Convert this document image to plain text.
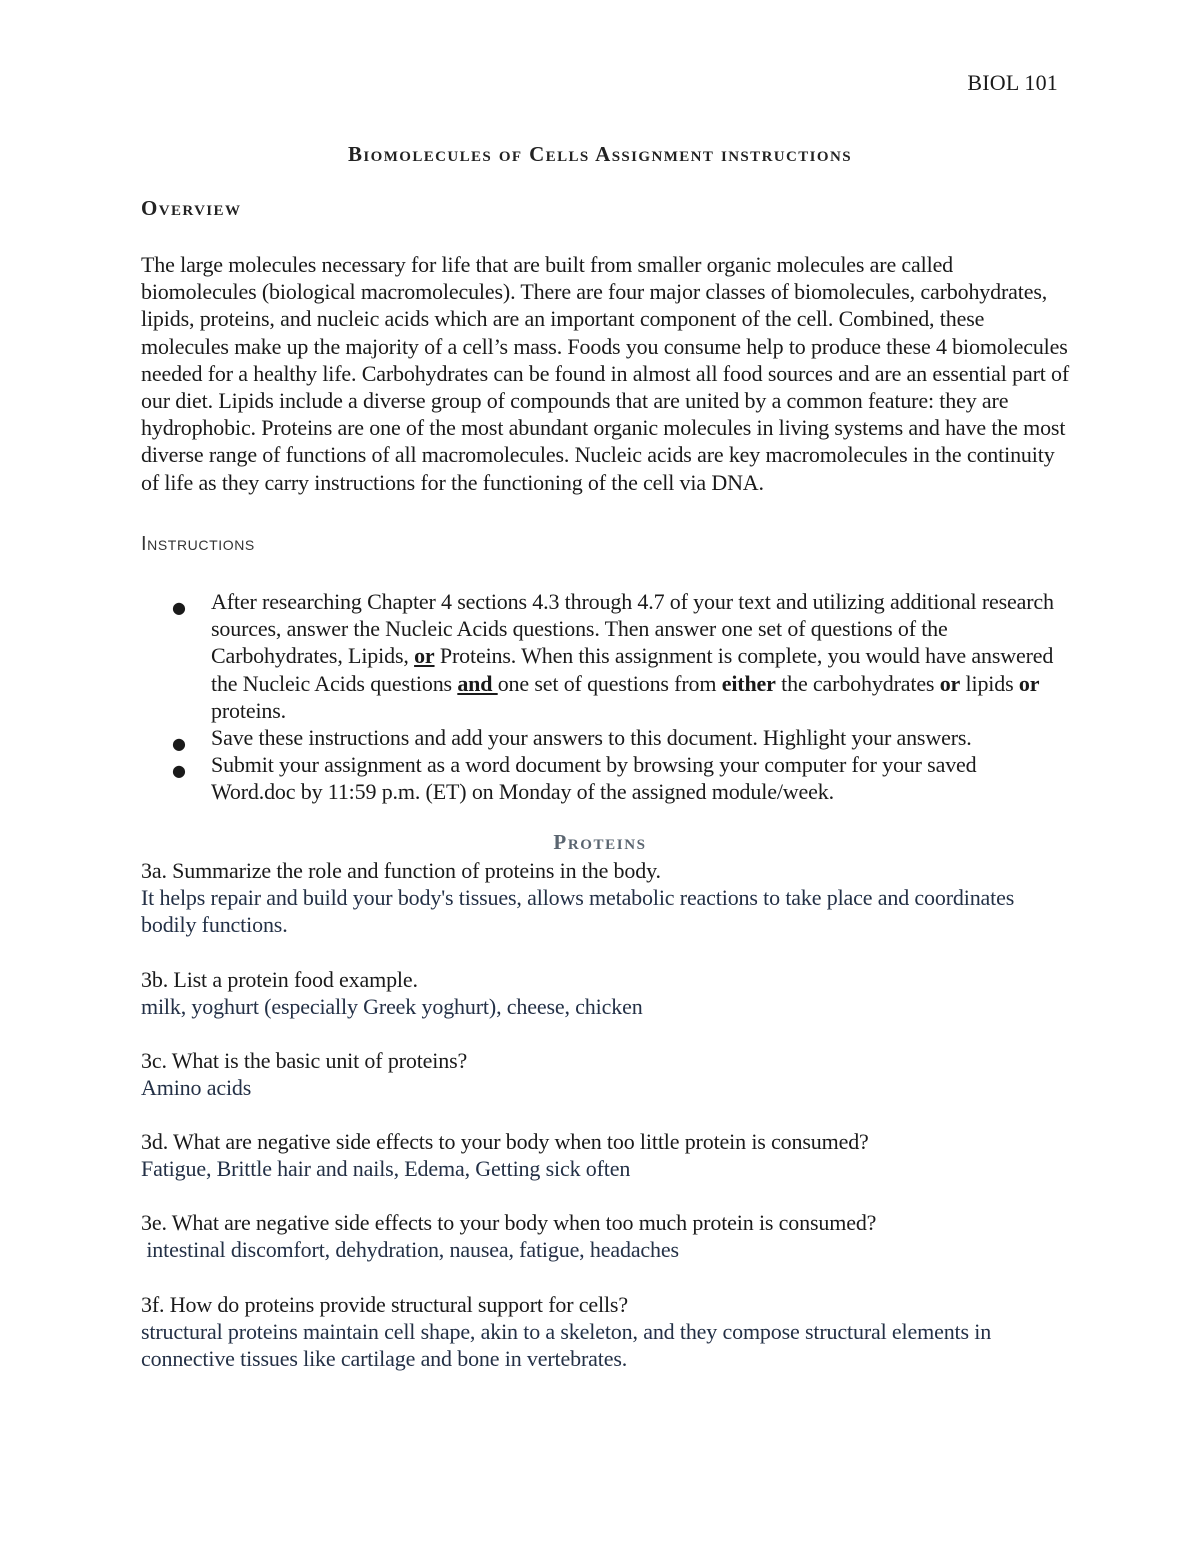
BIOL 101
Biomolecules of Cells Assignment instructions
Overview
The large molecules necessary for life that are built from smaller organic molecules are called biomolecules (biological macromolecules). There are four major classes of biomolecules, carbohydrates, lipids, proteins, and nucleic acids which are an important component of the cell. Combined, these molecules make up the majority of a cell’s mass. Foods you consume help to produce these 4 biomolecules needed for a healthy life. Carbohydrates can be found in almost all food sources and are an essential part of our diet. Lipids include a diverse group of compounds that are united by a common feature: they are hydrophobic. Proteins are one of the most abundant organic molecules in living systems and have the most diverse range of functions of all macromolecules. Nucleic acids are key macromolecules in the continuity of life as they carry instructions for the functioning of the cell via DNA.
Instructions
● After researching Chapter 4 sections 4.3 through 4.7 of your text and utilizing additional research sources, answer the Nucleic Acids questions. Then answer one set of questions of the Carbohydrates, Lipids, or Proteins. When this assignment is complete, you would have answered the Nucleic Acids questions and one set of questions from either the carbohydrates or lipids or proteins.
● Save these instructions and add your answers to this document. Highlight your answers.
● Submit your assignment as a word document by browsing your computer for your saved Word.doc by 11:59 p.m. (ET) on Monday of the assigned module/week.
Proteins
3a. Summarize the role and function of proteins in the body.
It helps repair and build your body's tissues, allows metabolic reactions to take place and coordinates bodily functions.
3b. List a protein food example.
milk, yoghurt (especially Greek yoghurt), cheese, chicken
3c. What is the basic unit of proteins?
Amino acids
3d. What are negative side effects to your body when too little protein is consumed?
Fatigue, Brittle hair and nails, Edema, Getting sick often
3e. What are negative side effects to your body when too much protein is consumed?
intestinal discomfort, dehydration, nausea, fatigue, headaches
3f. How do proteins provide structural support for cells?
structural proteins maintain cell shape, akin to a skeleton, and they compose structural elements in connective tissues like cartilage and bone in vertebrates.
